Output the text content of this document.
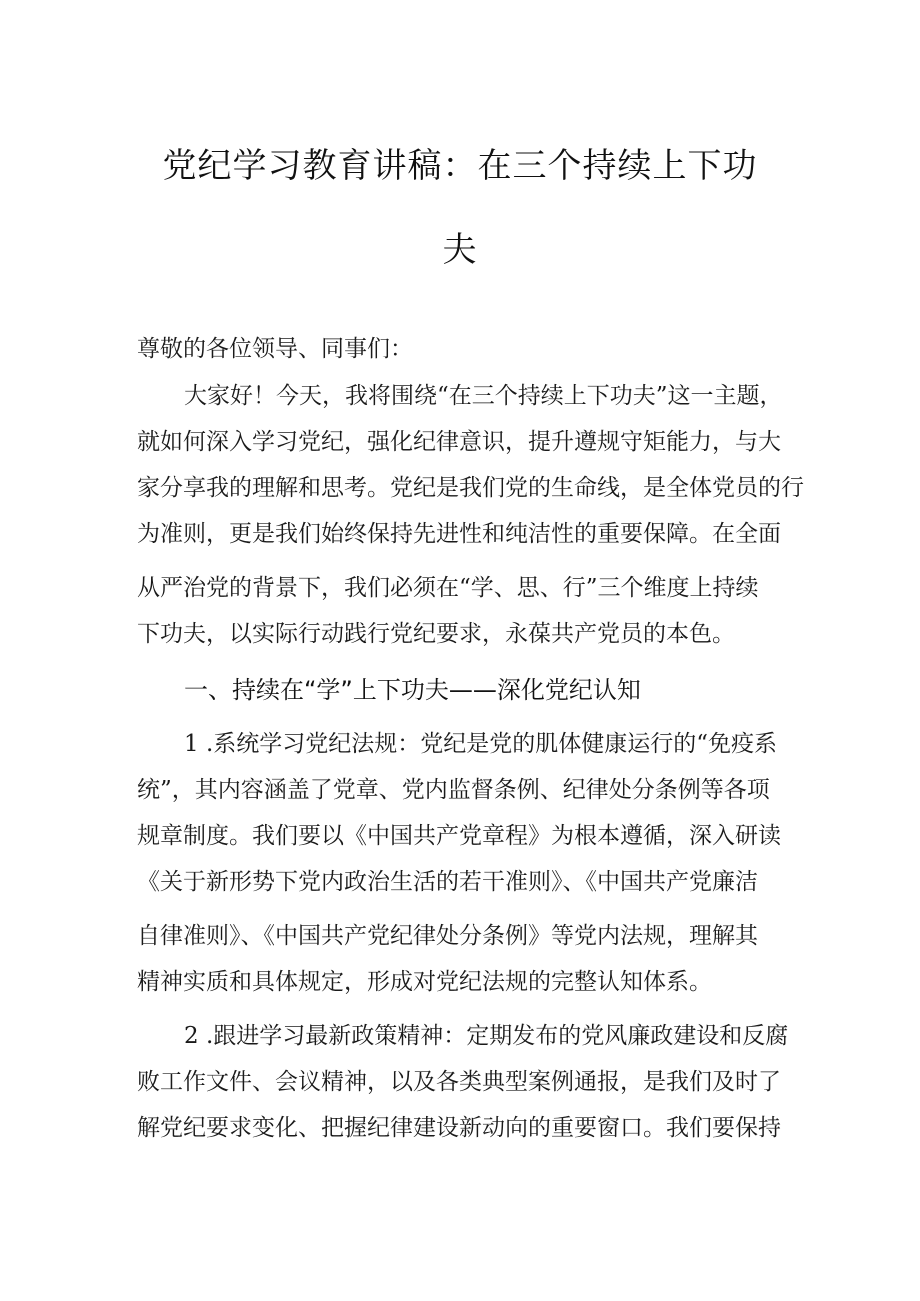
党纪学习教育讲稿：在三个持续上下功
夫
尊敬的各位领导、同事们：
大家好！今天，我将围绕“在三个持续上下功夫”这一主题，
就如何深入学习党纪，强化纪律意识，提升遵规守矩能力，与大
家分享我的理解和思考。党纪是我们党的生命线，是全体党员的行
为准则，更是我们始终保持先进性和纯洁性的重要保障。在全面
从严治党的背景下，我们必须在“学、思、行”三个维度上持续
下功夫，以实际行动践行党纪要求，永葆共产党员的本色。
一、持续在“学”上下功夫——深化党纪认知
1 .系统学习党纪法规：党纪是党的肌体健康运行的“免疫系
统”，其内容涵盖了党章、党内监督条例、纪律处分条例等各项
规章制度。我们要以《中国共产党章程》为根本遵循，深入研读
《关于新形势下党内政治生活的若干准则》、《中国共产党廉洁
自律准则》、《中国共产党纪律处分条例》等党内法规，理解其
精神实质和具体规定，形成对党纪法规的完整认知体系。
2 .跟进学习最新政策精神：定期发布的党风廉政建设和反腐
败工作文件、会议精神，以及各类典型案例通报，是我们及时了
解党纪要求变化、把握纪律建设新动向的重要窗口。我们要保持
